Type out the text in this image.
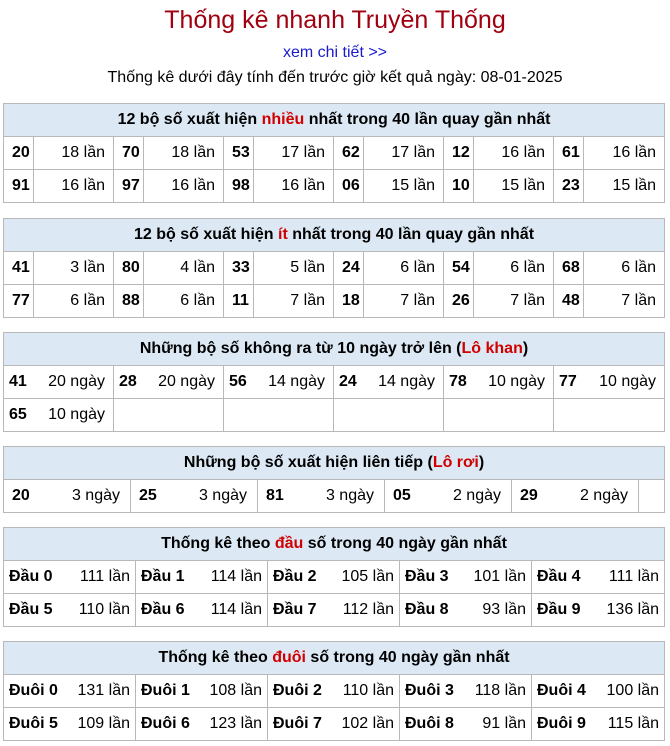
Thống kê nhanh Truyền Thống
xem chi tiết >>
Thống kê dưới đây tính đến trước giờ kết quả ngày: 08-01-2025
12 bộ số xuất hiện nhiều nhất trong 40 lần quay gần nhất											
20	18 lần	70	18 lần	53	17 lần	62	17 lần	12	16 lần	61	16 lần
91	16 lần	97	16 lần	98	16 lần	06	15 lần	10	15 lần	23	15 lần
12 bộ số xuất hiện ít nhất trong 40 lần quay gần nhất											
41	3 lần	80	4 lần	33	5 lần	24	6 lần	54	6 lần	68	6 lần
77	6 lần	88	6 lần	11	7 lần	18	7 lần	26	7 lần	48	7 lần
Những bộ số không ra từ 10 ngày trở lên (Lô khan)					
41 20 ngày	28 20 ngày	56 14 ngày	24 14 ngày	78 10 ngày	77 10 ngày

65 10 ngày					

Những bộ số xuất hiện liên tiếp (Lô rơi)
20	3 ngày	25	3 ngày	81	3 ngày	05	2 ngày	29	2 ngày

Thống kê theo đầu số trong 40 ngày gần nhất				
Đầu 0 111 lần	Đầu 1 114 lần	Đầu 2 105 lần	Đầu 3 101 lần	Đầu 4 111 lần

Đầu 5 110 lần	Đầu 6 114 lần	Đầu 7 112 lần	Đầu 8 93 lần	Đầu 9 136 lần
Thống kê theo đuôi số trong 40 ngày gần nhất				
Đuôi 0 131 lần	Đuôi 1 108 lần	Đuôi 2 110 lần	Đuôi 3 118 lần	Đuôi 4 100 lần

Đuôi 5 109 lần	Đuôi 6 123 lần	Đuôi 7 102 lần	Đuôi 8 91 lần	Đuôi 9 115 lần
